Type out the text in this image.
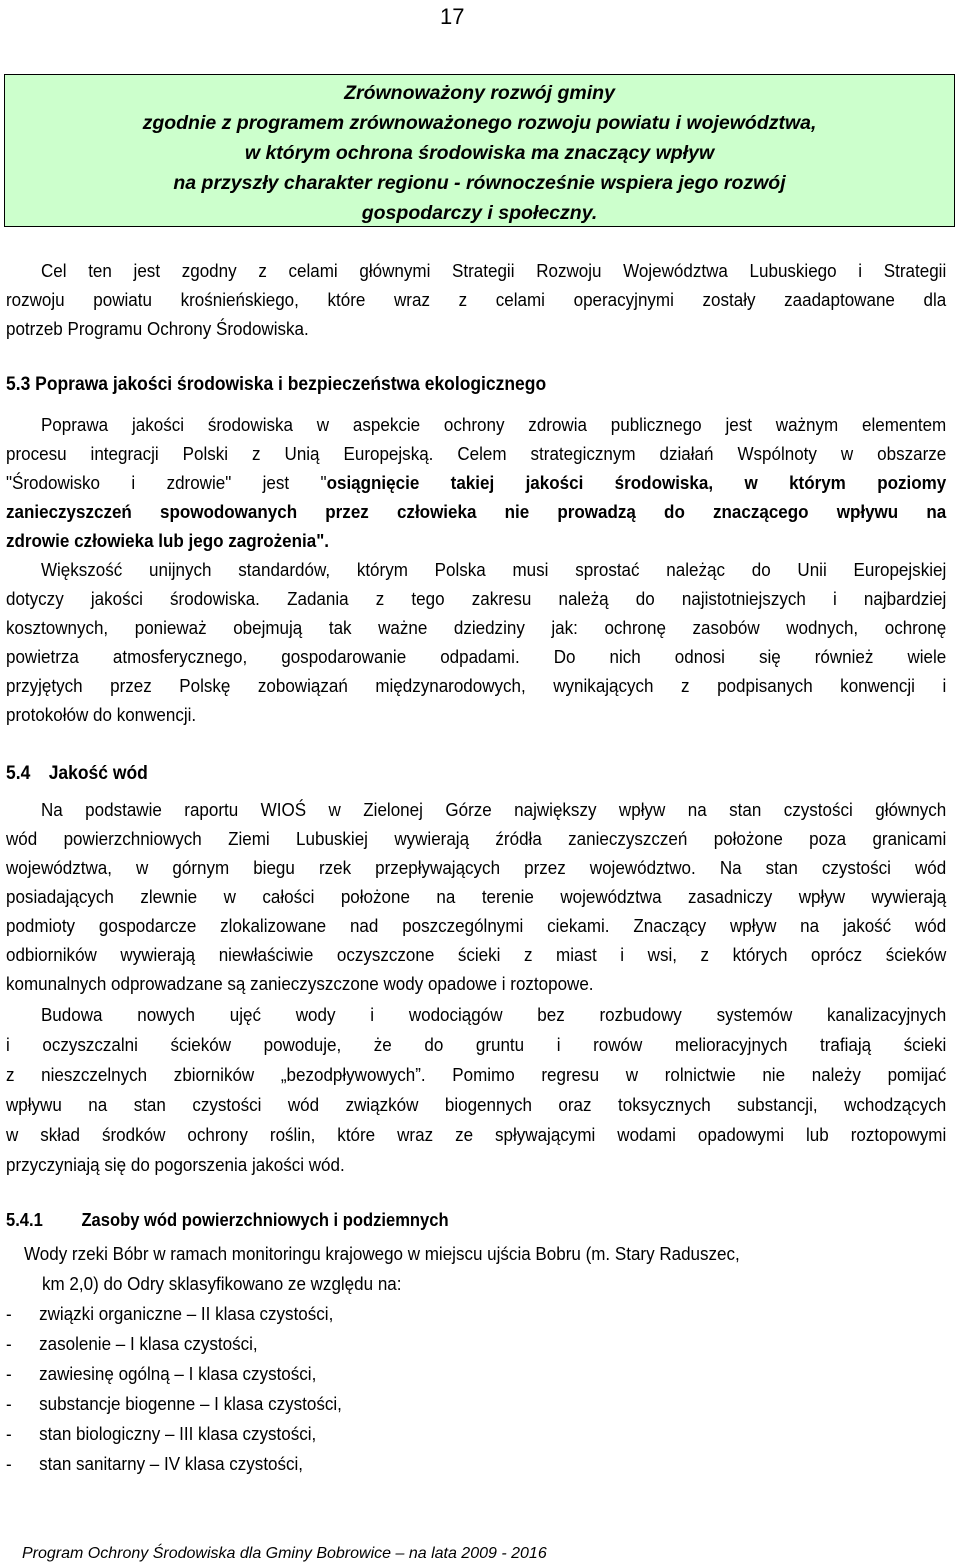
17
Zrównoważony rozwój gminy
zgodnie z programem zrównoważonego rozwoju powiatu i województwa,
w którym ochrona środowiska ma znaczący wpływ
na przyszły charakter regionu - równocześnie wspiera jego rozwój
gospodarczy i społeczny.
Cel ten jest zgodny z celami głównymi Strategii Rozwoju Województwa Lubuskiego i Strategii
rozwoju powiatu krośnieńskiego, które wraz z celami operacyjnymi zostały zaadaptowane dla
potrzeb Programu Ochrony Środowiska.
5.3 Poprawa jakości środowiska i bezpieczeństwa ekologicznego
Poprawa jakości środowiska w aspekcie ochrony zdrowia publicznego jest ważnym elementem
procesu integracji Polski z Unią Europejską. Celem strategicznym działań Wspólnoty w obszarze
"Środowisko i zdrowie" jest "osiągnięcie takiej jakości środowiska, w którym poziomy
zanieczyszczeń spowodowanych przez człowieka nie prowadzą do znaczącego wpływu na
zdrowie człowieka lub jego zagrożenia".
Większość unijnych standardów, którym Polska musi sprostać należąc do Unii Europejskiej
dotyczy jakości środowiska. Zadania z tego zakresu należą do najistotniejszych i najbardziej
kosztownych, ponieważ obejmują tak ważne dziedziny jak: ochronę zasobów wodnych, ochronę
powietrza atmosferycznego, gospodarowanie odpadami. Do nich odnosi się również wiele
przyjętych przez Polskę zobowiązań międzynarodowych, wynikających z podpisanych konwencji i
protokołów do konwencji.
5.4 Jakość wód
Na podstawie raportu WIOŚ w Zielonej Górze największy wpływ na stan czystości głównych
wód powierzchniowych Ziemi Lubuskiej wywierają źródła zanieczyszczeń położone poza granicami
województwa, w górnym biegu rzek przepływających przez województwo. Na stan czystości wód
posiadających zlewnie w całości położone na terenie województwa zasadniczy wpływ wywierają
podmioty gospodarcze zlokalizowane nad poszczególnymi ciekami. Znaczący wpływ na jakość wód
odbiorników wywierają niewłaściwie oczyszczone ścieki z miast i wsi, z których oprócz ścieków
komunalnych odprowadzane są zanieczyszczone wody opadowe i roztopowe.
Budowa nowych ujęć wody i wodociągów bez rozbudowy systemów kanalizacyjnych
i oczyszczalni ścieków powoduje, że do gruntu i rowów melioracyjnych trafiają ścieki
z nieszczelnych zbiorników „bezodpływowych”. Pomimo regresu w rolnictwie nie należy pomijać
wpływu na stan czystości wód związków biogennych oraz toksycznych substancji, wchodzących
w skład środków ochrony roślin, które wraz ze spływającymi wodami opadowymi lub roztopowymi
przyczyniają się do pogorszenia jakości wód.
5.4.1 Zasoby wód powierzchniowych i podziemnych
Wody rzeki Bóbr w ramach monitoringu krajowego w miejscu ujścia Bobru (m. Stary Raduszec,
km 2,0) do Odry sklasyfikowano ze względu na:
- związki organiczne – II klasa czystości,
- zasolenie – I klasa czystości,
- zawiesinę ogólną – I klasa czystości,
- substancje biogenne – I klasa czystości,
- stan biologiczny – III klasa czystości,
- stan sanitarny – IV klasa czystości,
Program Ochrony Środowiska dla Gminy Bobrowice – na lata 2009 - 2016
